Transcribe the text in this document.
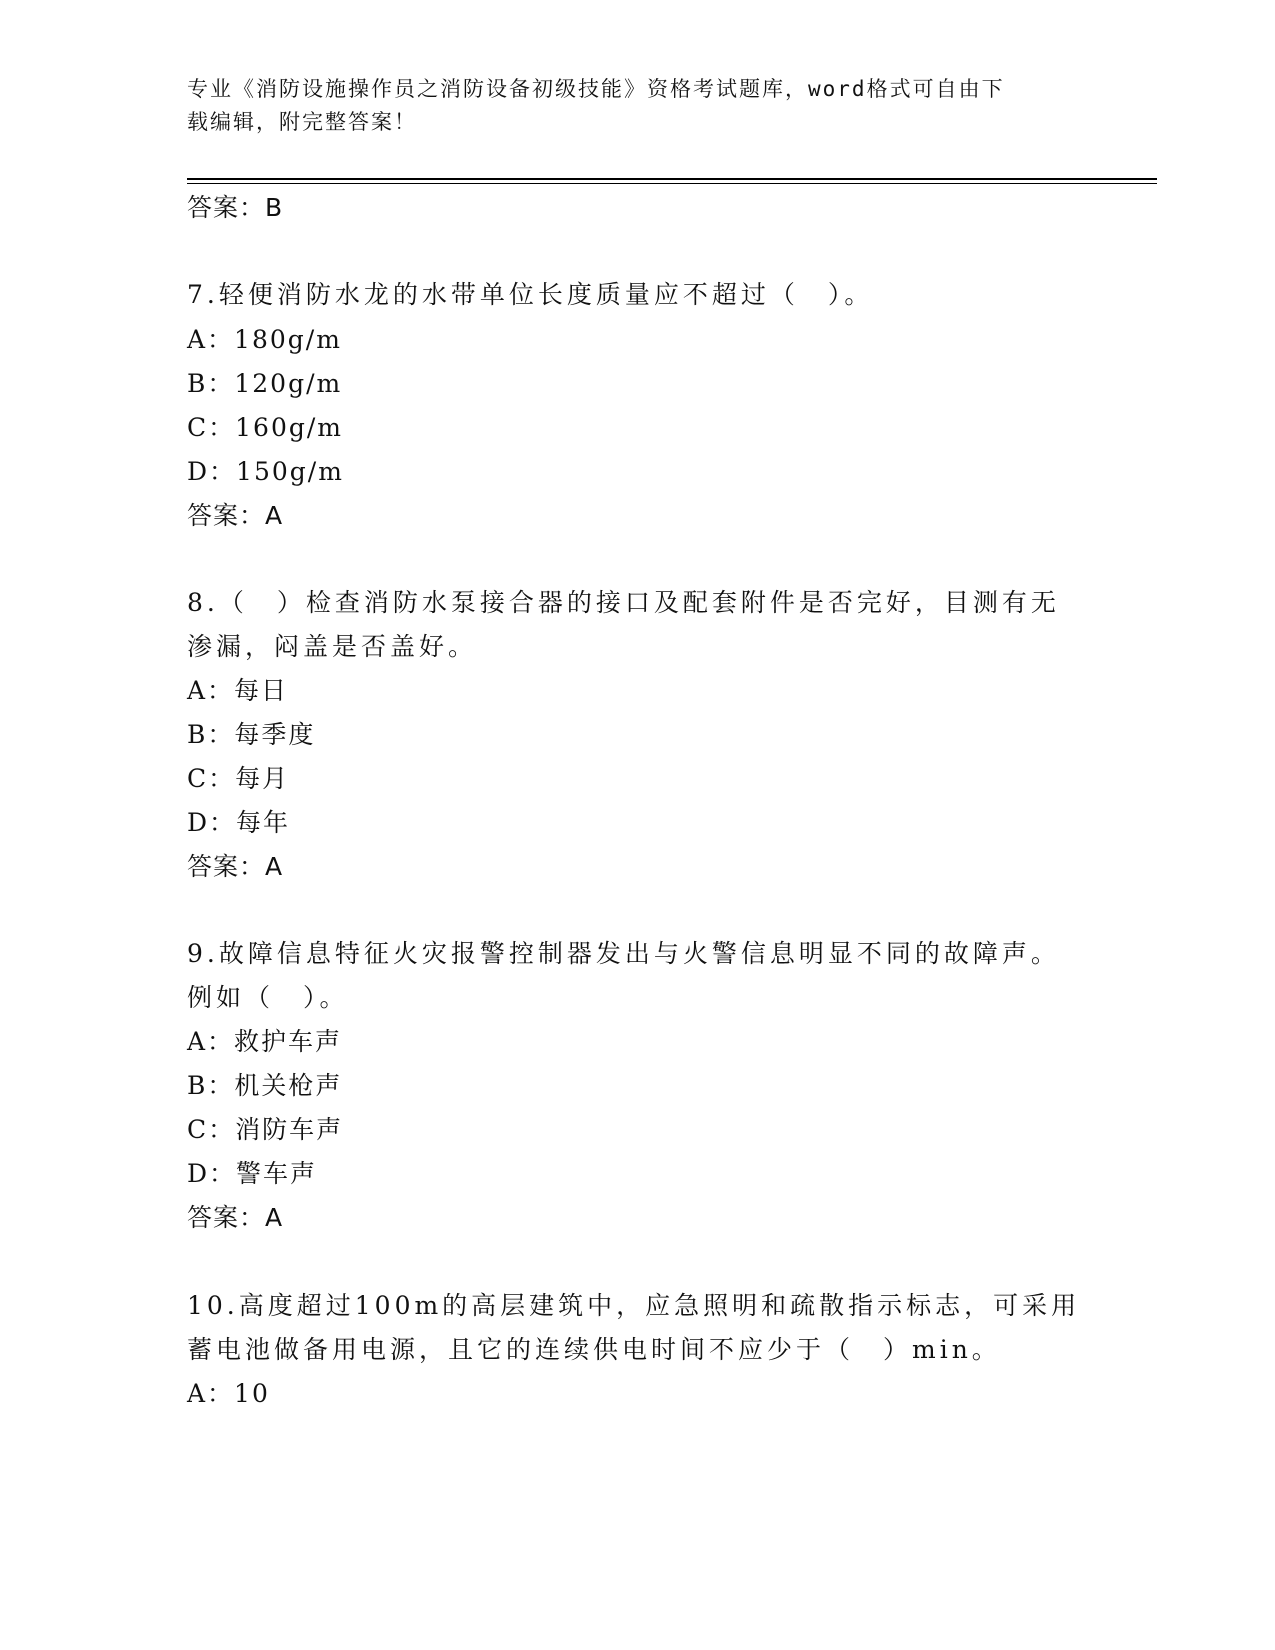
专业《消防设施操作员之消防设备初级技能》资格考试题库，word格式可自由下
载编辑，附完整答案！
答案：B
7.轻便消防水龙的水带单位长度质量应不超过（　）。
A：180g/m
B：120g/m
C：160g/m
D：150g/m
答案：A
8.（　）检查消防水泵接合器的接口及配套附件是否完好，目测有无
渗漏，闷盖是否盖好。
A：每日
B：每季度
C：每月
D：每年
答案：A
9.故障信息特征火灾报警控制器发出与火警信息明显不同的故障声。
例如（　）。
A：救护车声
B：机关枪声
C：消防车声
D：警车声
答案：A
10.高度超过100m的高层建筑中，应急照明和疏散指示标志，可采用
蓄电池做备用电源，且它的连续供电时间不应少于（　）min。
A：10
